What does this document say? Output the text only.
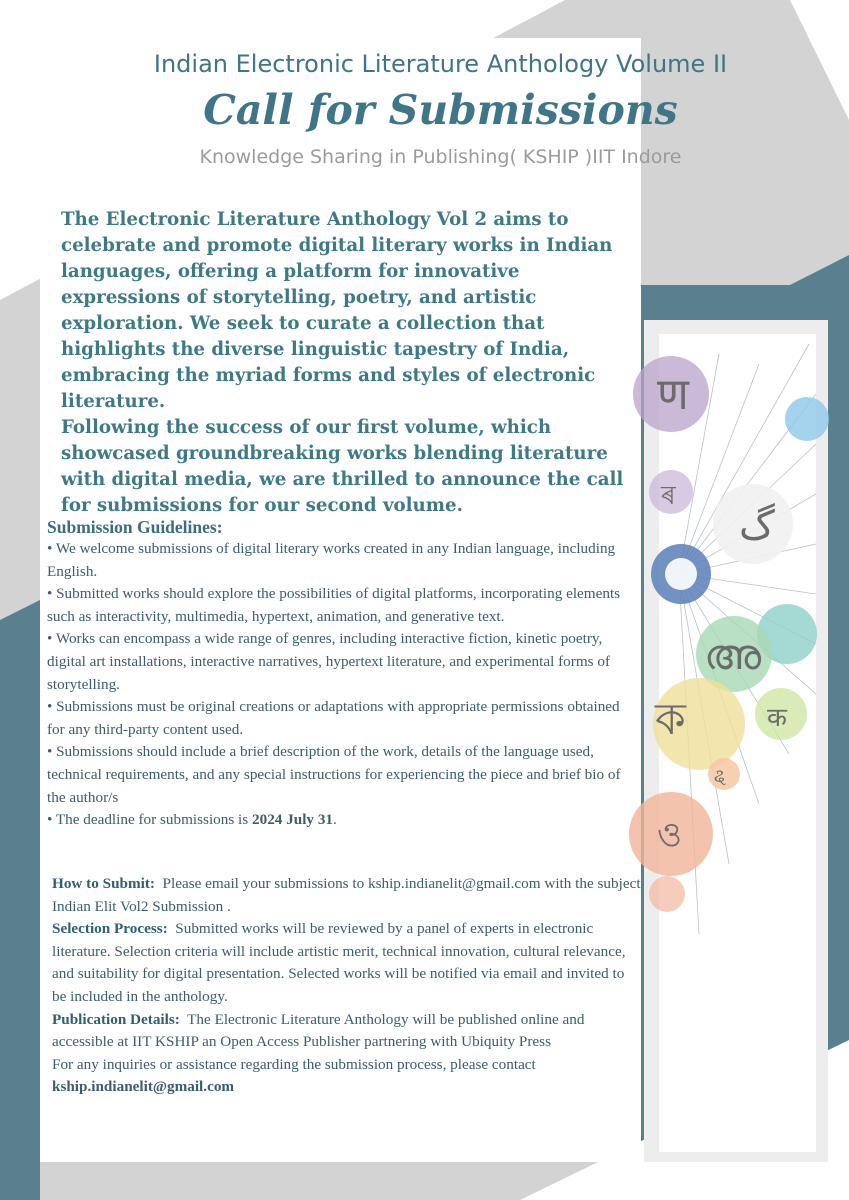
ण
ৰ
گ
അ
ক	क
ୡ
ও
Indian Electronic Literature Anthology Volume II
Call for Submissions
Knowledge Sharing in Publishing( KSHIP )IIT Indore

The Electronic Literature Anthology Vol 2 aims to celebrate and promote digital literary works in Indian languages, offering a platform for innovative expressions of storytelling, poetry, and artistic exploration. We seek to curate a collection that highlights the diverse linguistic tapestry of India, embracing the myriad forms and styles of electronic literature.

Following the success of our first volume, which showcased groundbreaking works blending literature with digital media, we are thrilled to announce the call for submissions for our second volume.

Submission Guidelines:

• We welcome submissions of digital literary works created in any Indian language, including English.

• Submitted works should explore the possibilities of digital platforms, incorporating elements such as interactivity, multimedia, hypertext, animation, and generative text.

• Works can encompass a wide range of genres, including interactive fiction, kinetic poetry, digital art installations, interactive narratives, hypertext literature, and experimental forms of storytelling.

• Submissions must be original creations or adaptations with appropriate permissions obtained for any third-party content used.

• Submissions should include a brief description of the work, details of the language used, technical requirements, and any special instructions for experiencing the piece and brief bio of the author/s

• The deadline for submissions is 2024 July 31.

How to Submit: Please email your submissions to kship.indianelit@gmail.com with the subject Indian Elit Vol2 Submission .

Selection Process: Submitted works will be reviewed by a panel of experts in electronic literature. Selection criteria will include artistic merit, technical innovation, cultural relevance, and suitability for digital presentation. Selected works will be notified via email and invited to be included in the anthology.

Publication Details: The Electronic Literature Anthology will be published online and accessible at IIT KSHIP an Open Access Publisher partnering with Ubiquity Press

For any inquiries or assistance regarding the submission process, please contact

kship.indianelit@gmail.com
